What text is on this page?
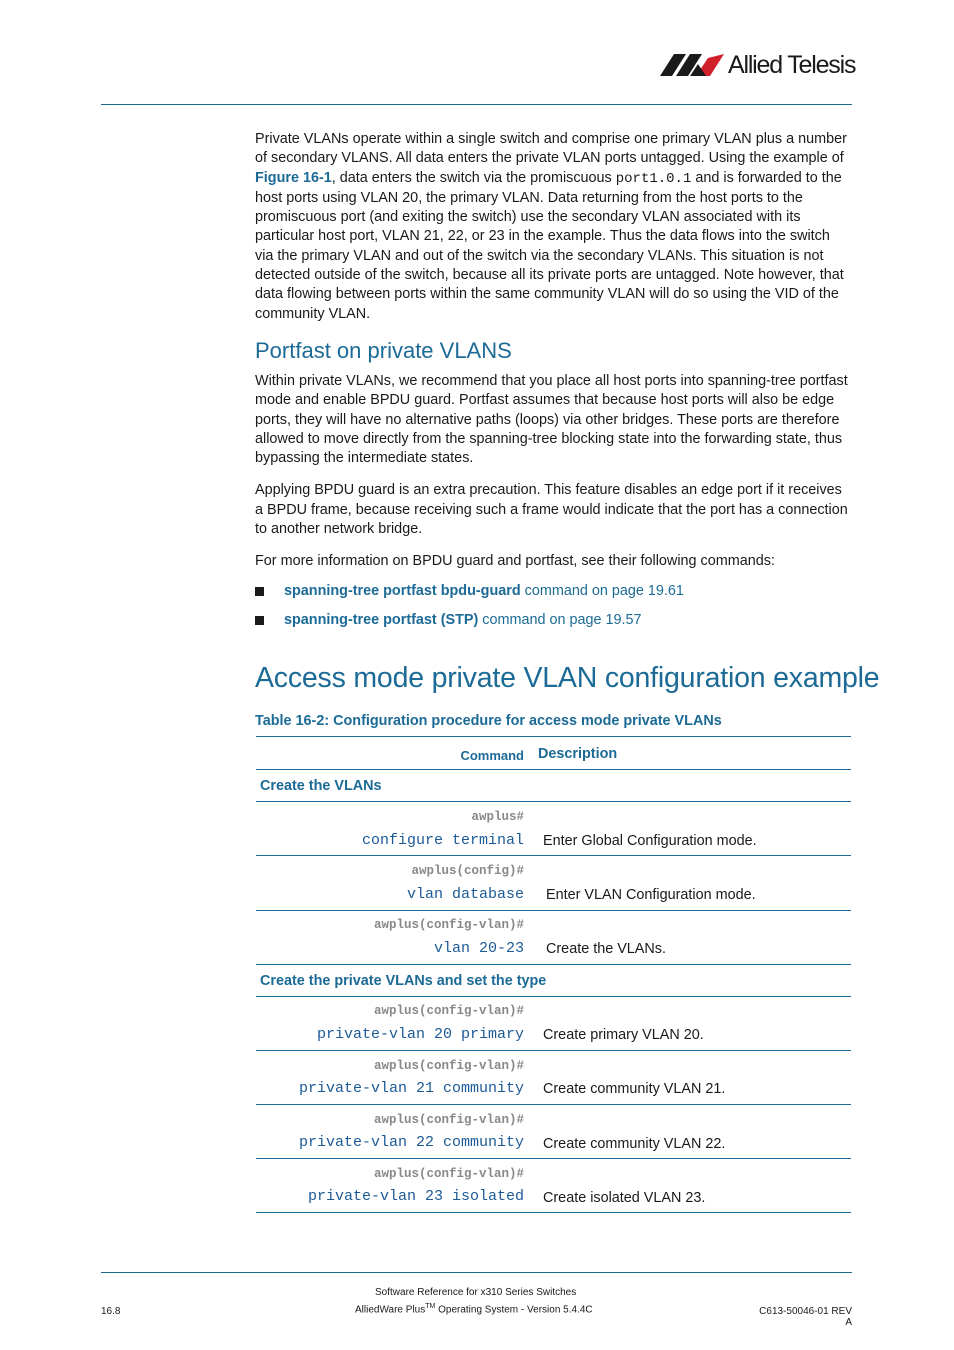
Allied Telesis

Private VLANs operate within a single switch and comprise one primary VLAN plus a number of secondary VLANS. All data enters the private VLAN ports untagged. Using the example of Figure 16-1, data enters the switch via the promiscuous port1.0.1 and is forwarded to the host ports using VLAN 20, the primary VLAN. Data returning from the host ports to the promiscuous port (and exiting the switch) use the secondary VLAN associated with its particular host port, VLAN 21, 22, or 23 in the example. Thus the data flows into the switch via the primary VLAN and out of the switch via the secondary VLANs. This situation is not detected outside of the switch, because all its private ports are untagged. Note however, that data flowing between ports within the same community VLAN will do so using the VID of the community VLAN.

Portfast on private VLANS

Within private VLANs, we recommend that you place all host ports into spanning-tree portfast mode and enable BPDU guard. Portfast assumes that because host ports will also be edge ports, they will have no alternative paths (loops) via other bridges. These ports are therefore allowed to move directly from the spanning-tree blocking state into the forwarding state, thus bypassing the intermediate states.

Applying BPDU guard is an extra precaution. This feature disables an edge port if it receives a BPDU frame, because receiving such a frame would indicate that the port has a connection to another network bridge.

For more information on BPDU guard and portfast, see their following commands:

spanning-tree portfast bpdu-guard command on page 19.61
spanning-tree portfast (STP) command on page 19.57
Access mode private VLAN configuration example
Table 16-2: Configuration procedure for access mode private VLANs
Command Description
Create the VLANs
awplus#
configure terminal Enter Global Configuration mode.
awplus(config)#
vlan database Enter VLAN Configuration mode.
awplus(config-vlan)#
vlan 20-23 Create the VLANs.
Create the private VLANs and set the type
awplus(config-vlan)#
private-vlan 20 primary Create primary VLAN 20.
awplus(config-vlan)#
private-vlan 21 community Create community VLAN 21.
awplus(config-vlan)#
private-vlan 22 community Create community VLAN 22.
awplus(config-vlan)#
private-vlan 23 isolated Create isolated VLAN 23.
Software Reference for x310 Series Switches
16.8	AlliedWare Plus™ Operating System - Version 5.4.4C	C613-50046-01 REV A
